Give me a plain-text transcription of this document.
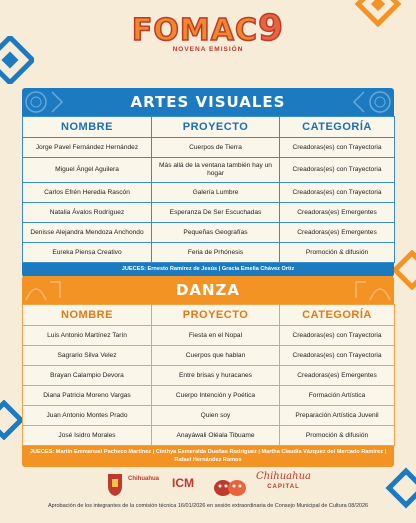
FOMAC9
NOVENA EMISIÓN
ARTES VISUALES
NOMBRE	PROYECTO	CATEGORÍA
Jorge Pavel Fernández Hernández	Cuerpos de Tierra	Creadoras(es) con Trayectoria
Miguel Ángel Aguilera	Más allá de la ventana también hay un hogar	Creadoras(es) con Trayectoria
Carlos Efrén Heredia Rascón	Galería Lumbre	Creadoras(es) con Trayectoria
Natalia Ávalos Rodríguez	Esperanza De Ser Escuchadas	Creadoras(es) Emergentes
Denisse Alejandra Mendoza Anchondo	Pequeñas Geografías	Creadoras(es) Emergentes
Eureka Piensa Creativo	Feria de Prhónesis	Promoción & difusión
JUECES: Ernesto Ramírez de Jesús | Gracia Emelia Chávez Ortiz
DANZA
NOMBRE	PROYECTO	CATEGORÍA
Luis Antonio Martínez Tarín	Fiesta en el Nopal	Creadoras(es) con Trayectoria
Sagrario Silva Velez	Cuerpos que hablan	Creadoras(es) con Trayectoria
Brayan Calampio Devora	Entre brisas y huracanes	Creadoras(es) Emergentes
Diana Patricia Moreno Vargas	Cuerpo Intención y Poética	Formación Artística
Juan Antonio Montes Prado	Quien soy	Preparación Artística Juvenil
José Isidro Morales	Anayáwali Oléala Tibuame	Promoción & difusión
JUECES: Martín Emmanuel Pacheco Martínez | Cinthya Esmeralda Dueñas Rodríguez | Martha Claudia Vázquez del Mercado Ramírez | Rafael Hernández Ramos
Chihuahua ICM	Chihuahua
CAPITAL
Aprobación de los integrantes de la comisión técnica 16/01/2026 en sesión extraordinaria de Consejo Municipal de Cultura 08/2026
